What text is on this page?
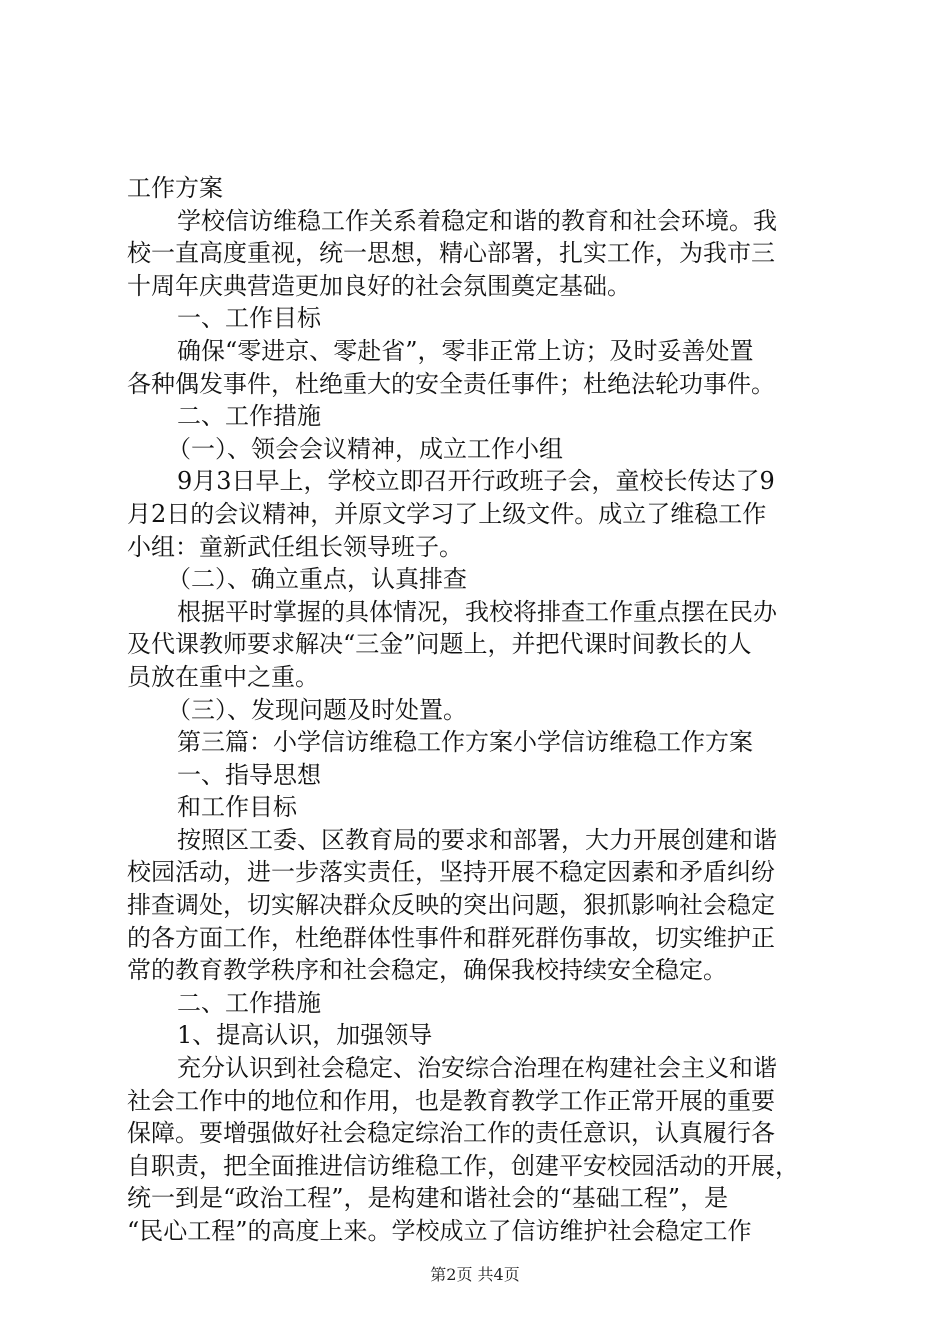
工作方案
学校信访维稳工作关系着稳定和谐的教育和社会环境。我
校一直高度重视，统一思想，精心部署，扎实工作，为我市三
十周年庆典营造更加良好的社会氛围奠定基础。
一、工作目标
确保“零进京、零赴省”，零非正常上访；及时妥善处置
各种偶发事件，杜绝重大的安全责任事件；杜绝法轮功事件。
二、工作措施
（一）、领会会议精神，成立工作小组
9月3日早上，学校立即召开行政班子会，童校长传达了9
月2日的会议精神，并原文学习了上级文件。成立了维稳工作
小组：童新武任组长领导班子。
（二）、确立重点，认真排查
根据平时掌握的具体情况，我校将排查工作重点摆在民办
及代课教师要求解决“三金”问题上，并把代课时间教长的人
员放在重中之重。
（三）、发现问题及时处置。
第三篇：小学信访维稳工作方案小学信访维稳工作方案
一、指导思想
和工作目标
按照区工委、区教育局的要求和部署，大力开展创建和谐
校园活动，进一步落实责任，坚持开展不稳定因素和矛盾纠纷
排查调处，切实解决群众反映的突出问题，狠抓影响社会稳定
的各方面工作，杜绝群体性事件和群死群伤事故，切实维护正
常的教育教学秩序和社会稳定，确保我校持续安全稳定。
二、工作措施
1、提高认识，加强领导
充分认识到社会稳定、治安综合治理在构建社会主义和谐
社会工作中的地位和作用，也是教育教学工作正常开展的重要
保障。要增强做好社会稳定综治工作的责任意识，认真履行各
自职责，把全面推进信访维稳工作，创建平安校园活动的开展，
统一到是“政治工程”，是构建和谐社会的“基础工程”，是
“民心工程”的高度上来。学校成立了信访维护社会稳定工作
第2页 共4页
